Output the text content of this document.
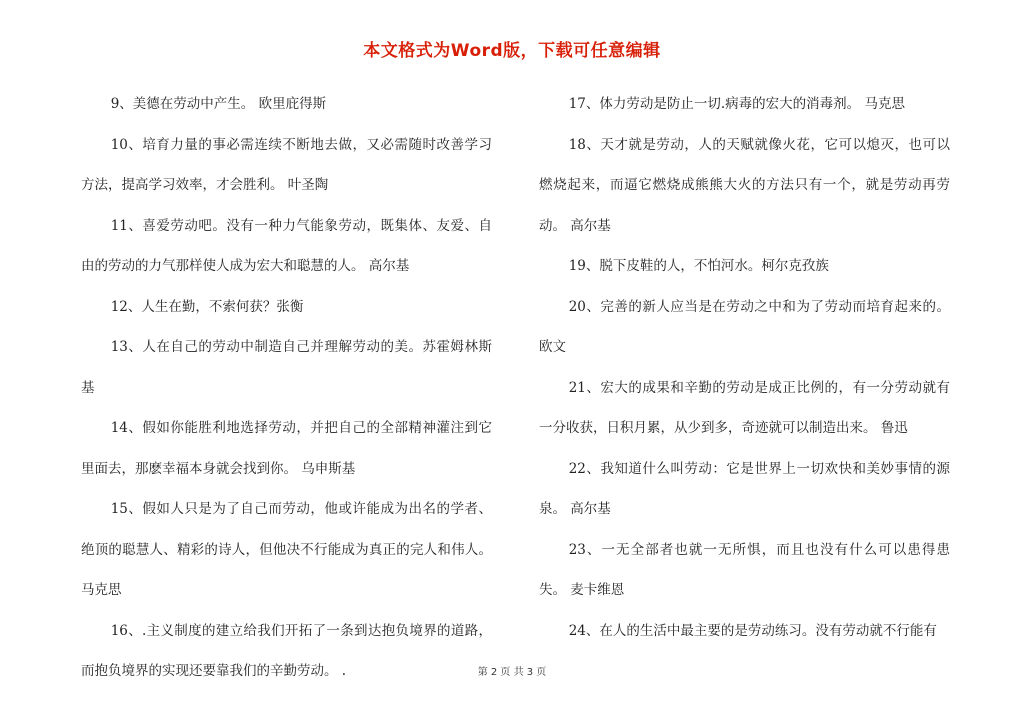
本文格式为Word版，下载可任意编辑

9、美德在劳动中产生。 欧里庇得斯

10、培育力量的事必需连续不断地去做，又必需随时改善学习方法，提高学习效率，才会胜利。 叶圣陶

11、喜爱劳动吧。没有一种力气能象劳动，既集体、友爱、自由的劳动的力气那样使人成为宏大和聪慧的人。 高尔基

12、人生在勤，不索何获？张衡

13、人在自己的劳动中制造自己并理解劳动的美。苏霍姆林斯基

14、假如你能胜利地选择劳动，并把自己的全部精神灌注到它里面去，那麽幸福本身就会找到你。 乌申斯基

15、假如人只是为了自己而劳动，他或许能成为出名的学者、绝顶的聪慧人、精彩的诗人，但他决不行能成为真正的完人和伟人。 马克思

16、.主义制度的建立给我们开拓了一条到达抱负境界的道路，而抱负境界的实现还要靠我们的辛勤劳动。 .

17、体力劳动是防止一切.病毒的宏大的消毒剂。 马克思

18、天才就是劳动，人的天赋就像火花，它可以熄灭，也可以燃烧起来，而逼它燃烧成熊熊大火的方法只有一个，就是劳动再劳动。 高尔基

19、脱下皮鞋的人，不怕河水。柯尔克孜族

20、完善的新人应当是在劳动之中和为了劳动而培育起来的。 欧文

21、宏大的成果和辛勤的劳动是成正比例的，有一分劳动就有一分收获，日积月累，从少到多，奇迹就可以制造出来。 鲁迅

22、我知道什么叫劳动：它是世界上一切欢快和美妙事情的源泉。 高尔基

23、一无全部者也就一无所惧，而且也没有什么可以患得患失。 麦卡维恩

24、在人的生活中最主要的是劳动练习。没有劳动就不行能有

第 2 页 共 3 页
